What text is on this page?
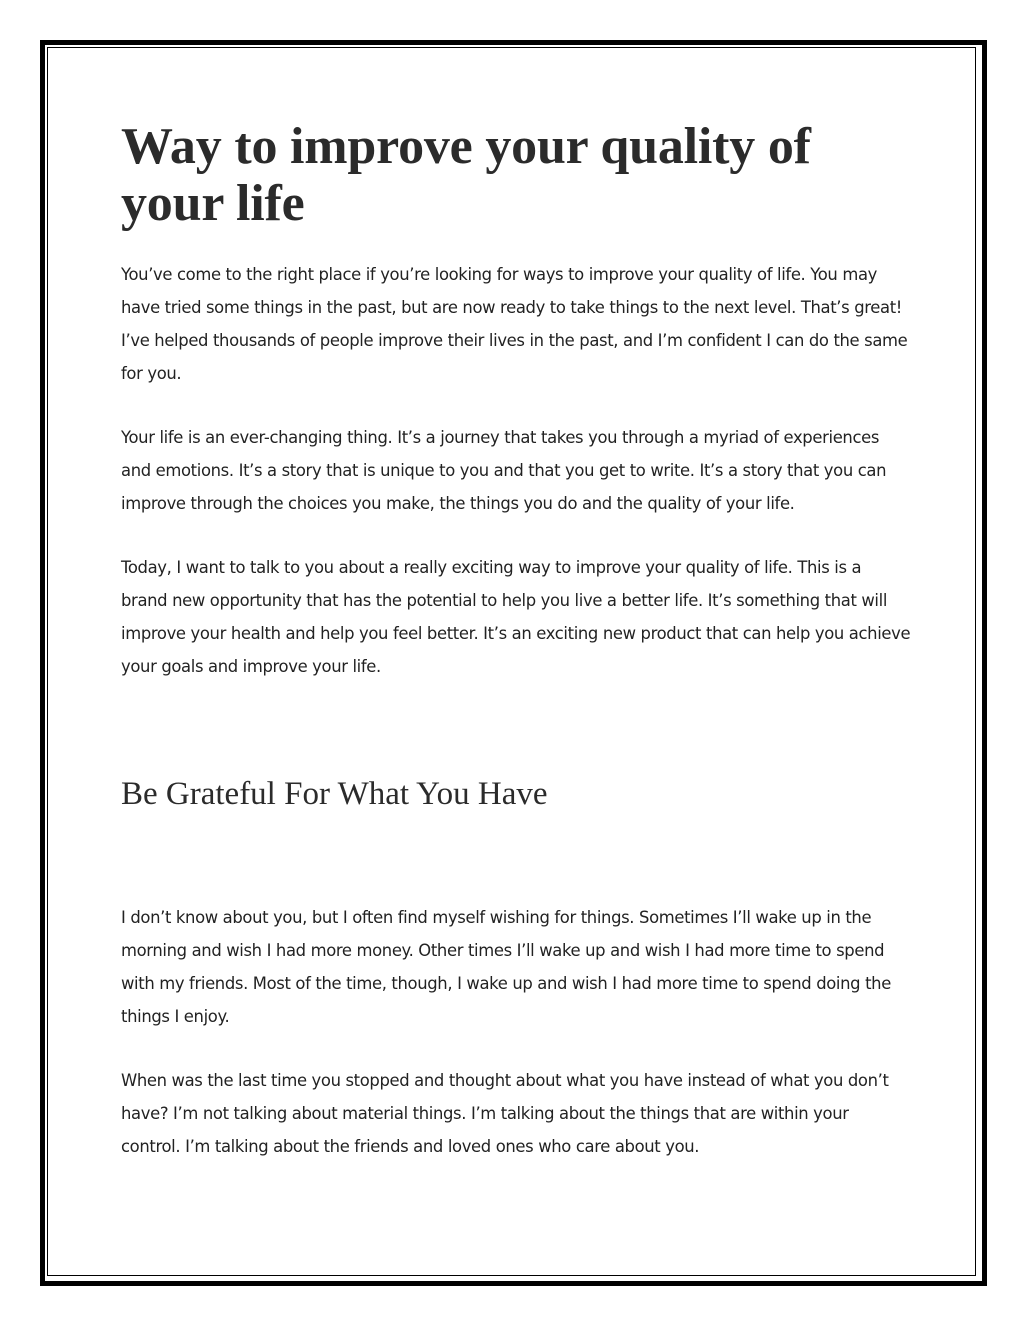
Way to improve your quality of your life

You’ve come to the right place if you’re looking for ways to improve your quality of life. You may have tried some things in the past, but are now ready to take things to the next level. That’s great! I’ve helped thousands of people improve their lives in the past, and I’m confident I can do the same for you.

Your life is an ever-changing thing. It’s a journey that takes you through a myriad of experiences and emotions. It’s a story that is unique to you and that you get to write. It’s a story that you can improve through the choices you make, the things you do and the quality of your life.

Today, I want to talk to you about a really exciting way to improve your quality of life. This is a brand new opportunity that has the potential to help you live a better life. It’s something that will improve your health and help you feel better. It’s an exciting new product that can help you achieve your goals and improve your life.

Be Grateful For What You Have

I don’t know about you, but I often find myself wishing for things. Sometimes I’ll wake up in the morning and wish I had more money. Other times I’ll wake up and wish I had more time to spend with my friends. Most of the time, though, I wake up and wish I had more time to spend doing the things I enjoy.

When was the last time you stopped and thought about what you have instead of what you don’t have? I’m not talking about material things. I’m talking about the things that are within your control. I’m talking about the friends and loved ones who care about you.
